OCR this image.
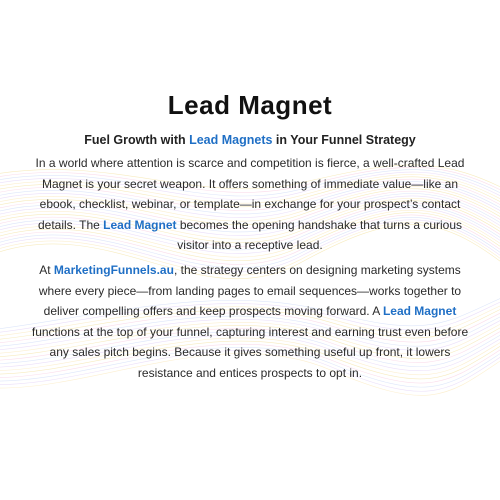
Lead Magnet

Fuel Growth with Lead Magnets in Your Funnel Strategy

In a world where attention is scarce and competition is fierce, a well-crafted Lead Magnet is your secret weapon. It offers something of immediate value—like an ebook, checklist, webinar, or template—in exchange for your prospect’s contact details. The Lead Magnet becomes the opening handshake that turns a curious visitor into a receptive lead.

At MarketingFunnels.au, the strategy centers on designing marketing systems where every piece—from landing pages to email sequences—works together to deliver compelling offers and keep prospects moving forward. A Lead Magnet functions at the top of your funnel, capturing interest and earning trust even before any sales pitch begins. Because it gives something useful up front, it lowers resistance and entices prospects to opt in.
